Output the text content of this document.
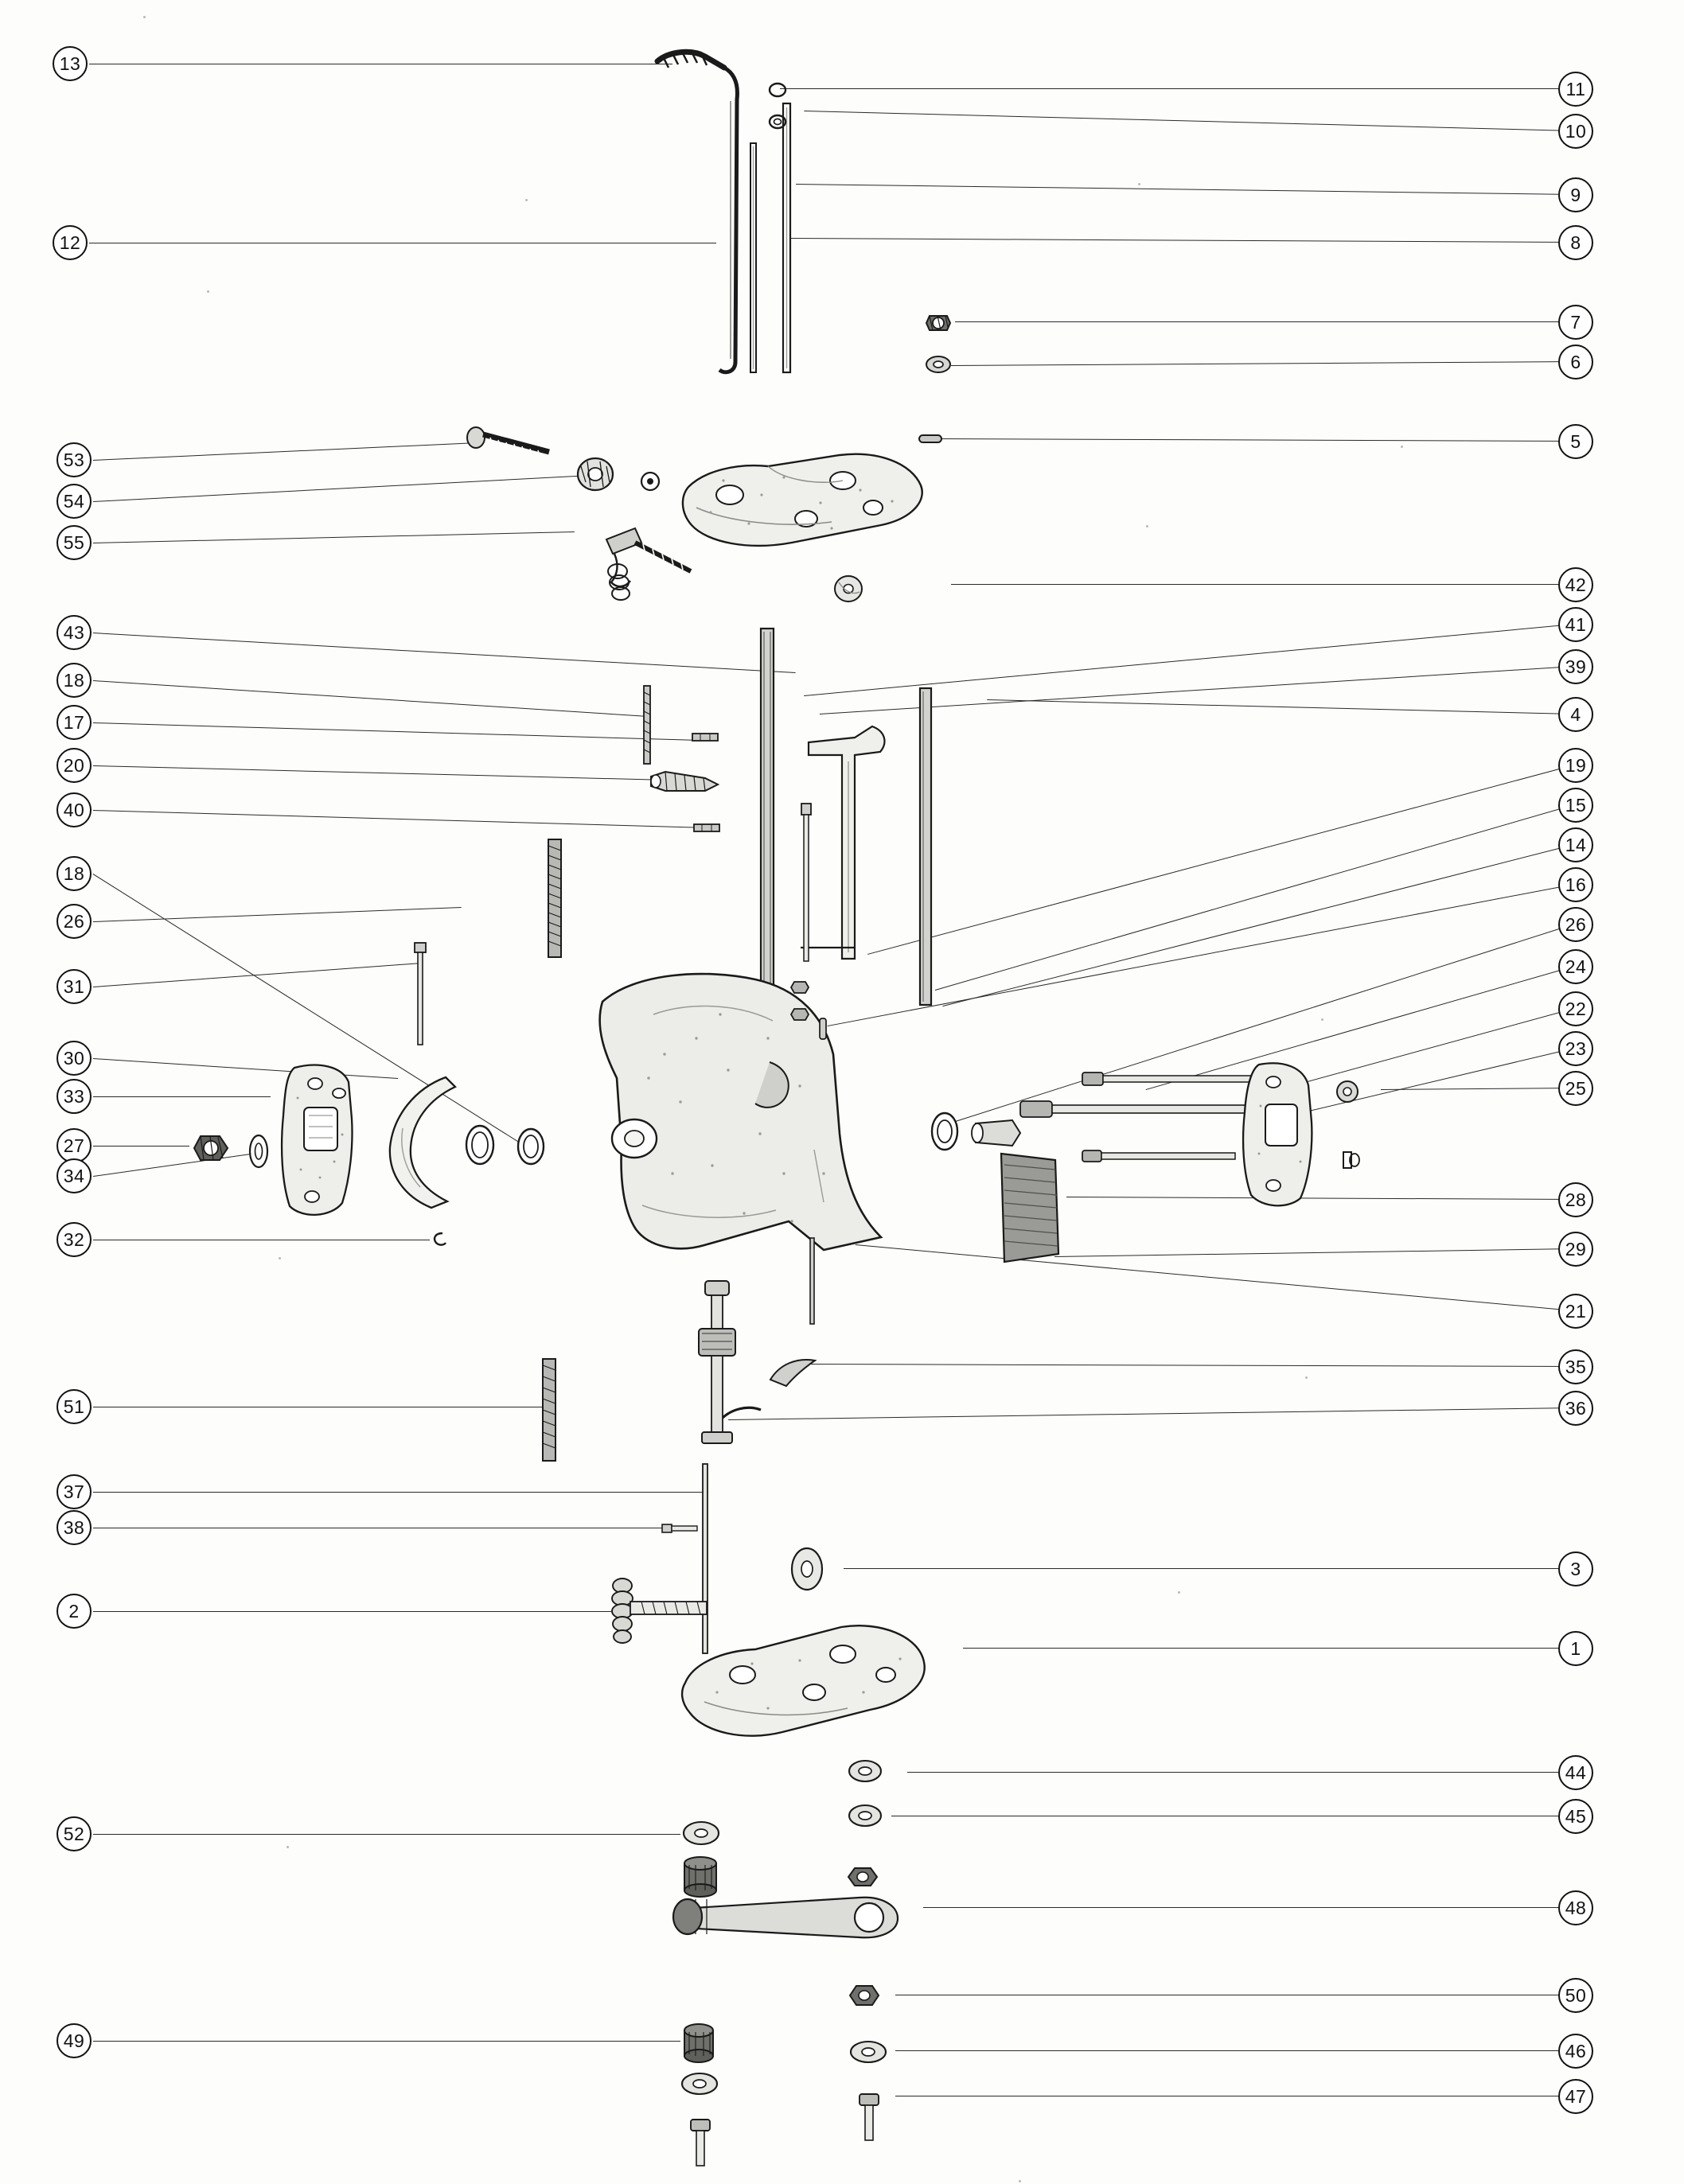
13
12
53
54
55
43
18
17
20
40
18
26
31
30
33
27
34
32
51
37
38
2
52
49
11
10
9
8
7
6
5
42
41
39
4
19
15
14
16
26
24
22
23
25
28
29
21
35
36
3
1
44
45
48
50
46
47
